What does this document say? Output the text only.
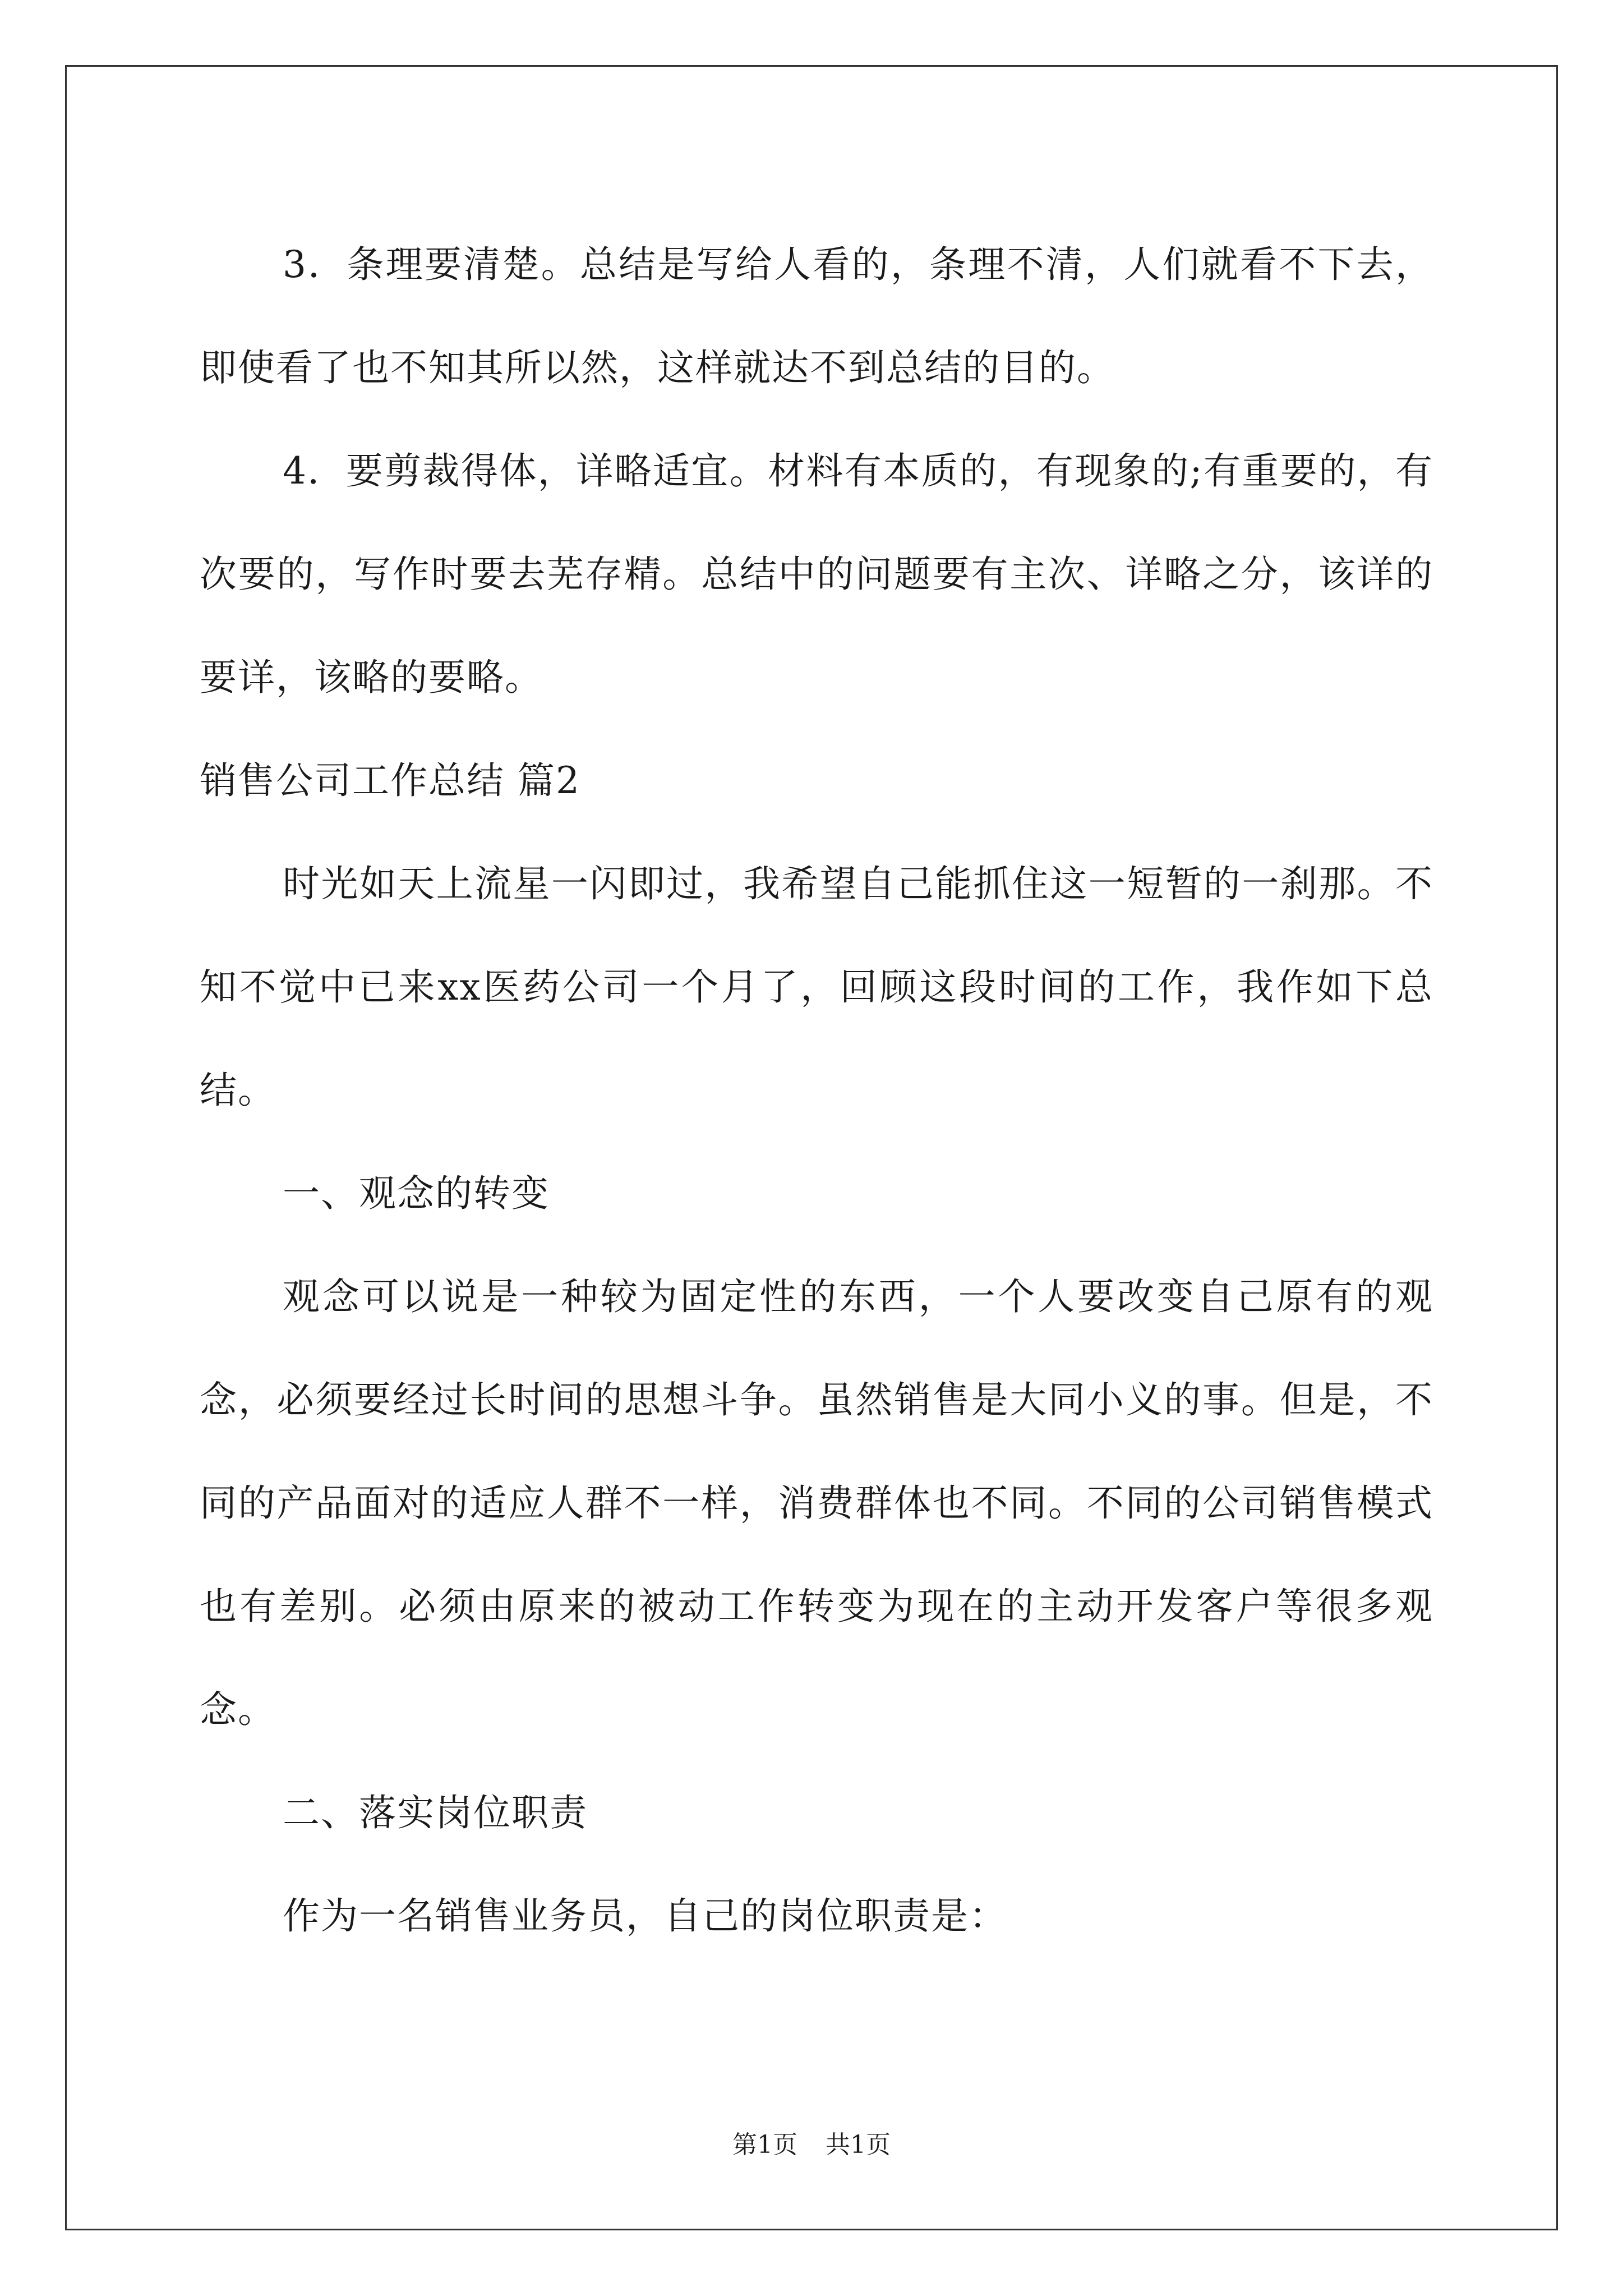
3．条理要清楚。总结是写给人看的，条理不清，人们就看不下去，即使看了也不知其所以然，这样就达不到总结的目的。

4．要剪裁得体，详略适宜。材料有本质的，有现象的;有重要的，有次要的，写作时要去芜存精。总结中的问题要有主次、详略之分，该详的要详，该略的要略。

销售公司工作总结 篇2

时光如天上流星一闪即过，我希望自己能抓住这一短暂的一刹那。不知不觉中已来xx医药公司一个月了，回顾这段时间的工作，我作如下总结。

一、观念的转变

观念可以说是一种较为固定性的东西，一个人要改变自己原有的观念，必须要经过长时间的思想斗争。虽然销售是大同小义的事。但是，不同的产品面对的适应人群不一样，消费群体也不同。不同的公司销售模式也有差别。必须由原来的被动工作转变为现在的主动开发客户等很多观念。

二、落实岗位职责

作为一名销售业务员，自己的岗位职责是：

第1页 共1页
